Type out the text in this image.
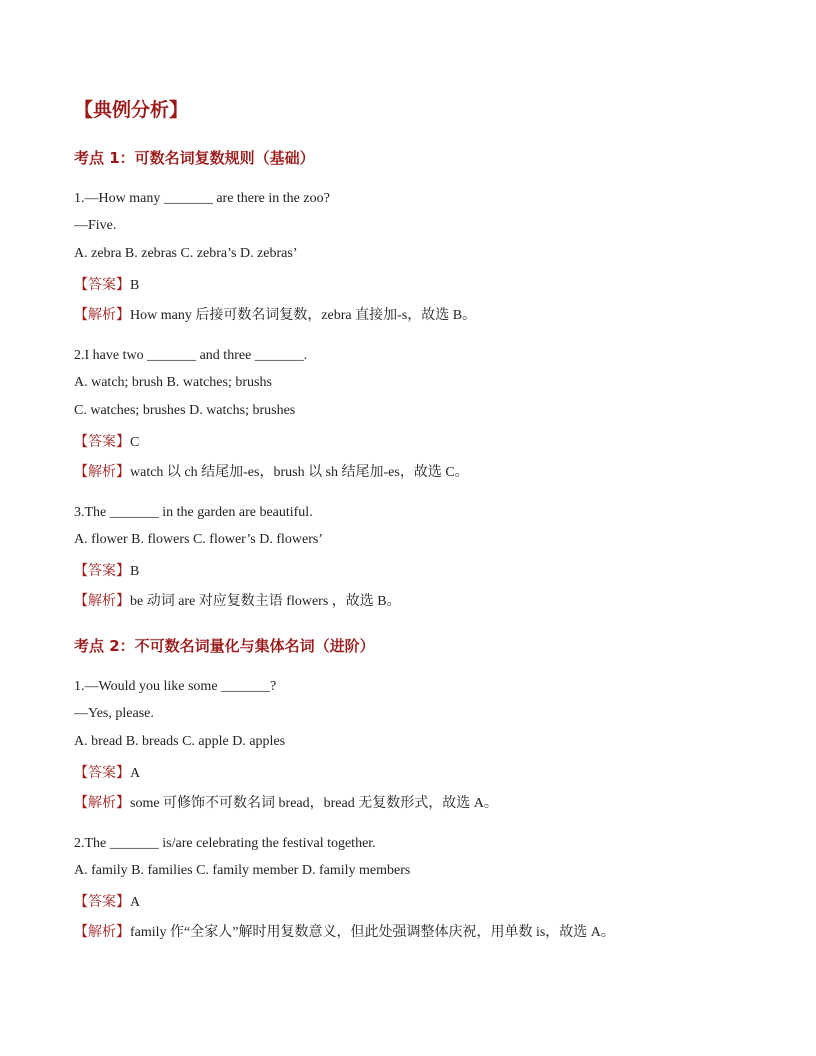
【典例分析】
考点 1：可数名词复数规则（基础）
1.—How many _______ are there in the zoo?
—Five.
A. zebra B. zebras C. zebra’s D. zebras’
【答案】B
【解析】How many 后接可数名词复数，zebra 直接加-s，故选 B。
2.I have two _______ and three _______.
A. watch; brush B. watches; brushs
C. watches; brushes D. watchs; brushes
【答案】C
【解析】watch 以 ch 结尾加-es，brush 以 sh 结尾加-es，故选 C。
3.The _______ in the garden are beautiful.
A. flower B. flowers C. flower’s D. flowers’
【答案】B
【解析】be 动词 are 对应复数主语 flowers ，故选 B。
考点 2：不可数名词量化与集体名词（进阶）
1.—Would you like some _______?
—Yes, please.
A. bread B. breads C. apple D. apples
【答案】A
【解析】some 可修饰不可数名词 bread，bread 无复数形式，故选 A。
2.The _______ is/are celebrating the festival together.
A. family B. families C. family member D. family members
【答案】A
【解析】family 作“全家人”解时用复数意义，但此处强调整体庆祝，用单数 is，故选 A。
